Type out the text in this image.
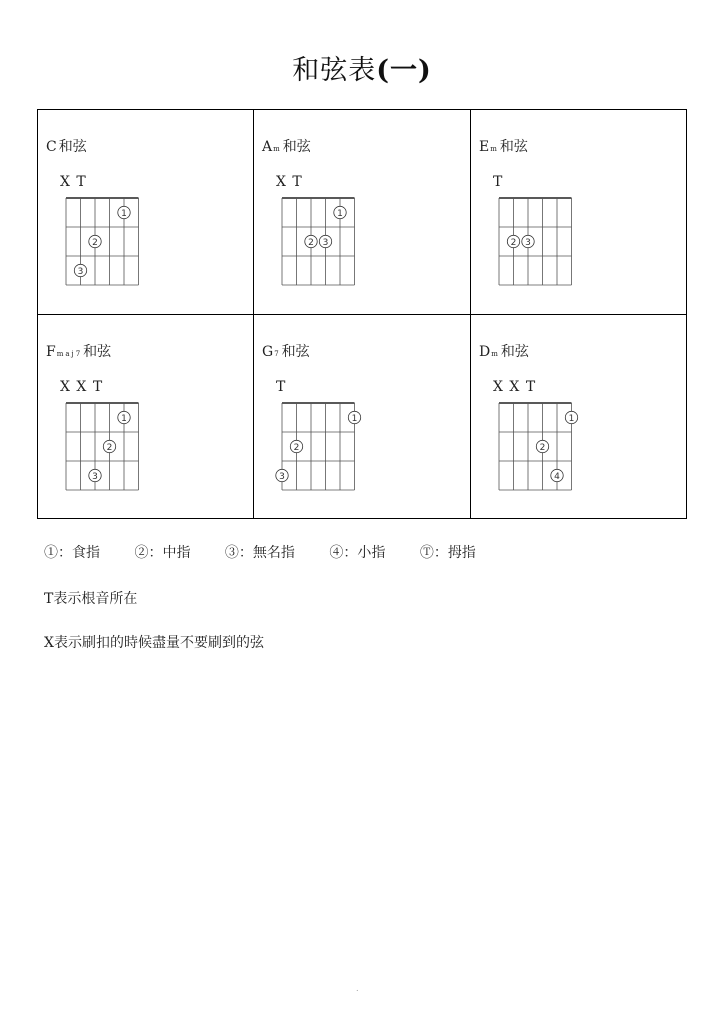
和弦表(一)
C 和弦
X T
1
2
3
Am和弦
X T
1
2 3
Em和弦
T
2 3
Fmaj7和弦
X X T
1
2
3
G7和弦
T
1
2
3
Dm和弦
X X T
1
2
4
①：食指 ②：中指 ③：無名指 ④：小指 Ⓣ：拇指
T表示根音所在
X表示刷扣的時候盡量不要刷到的弦
.
